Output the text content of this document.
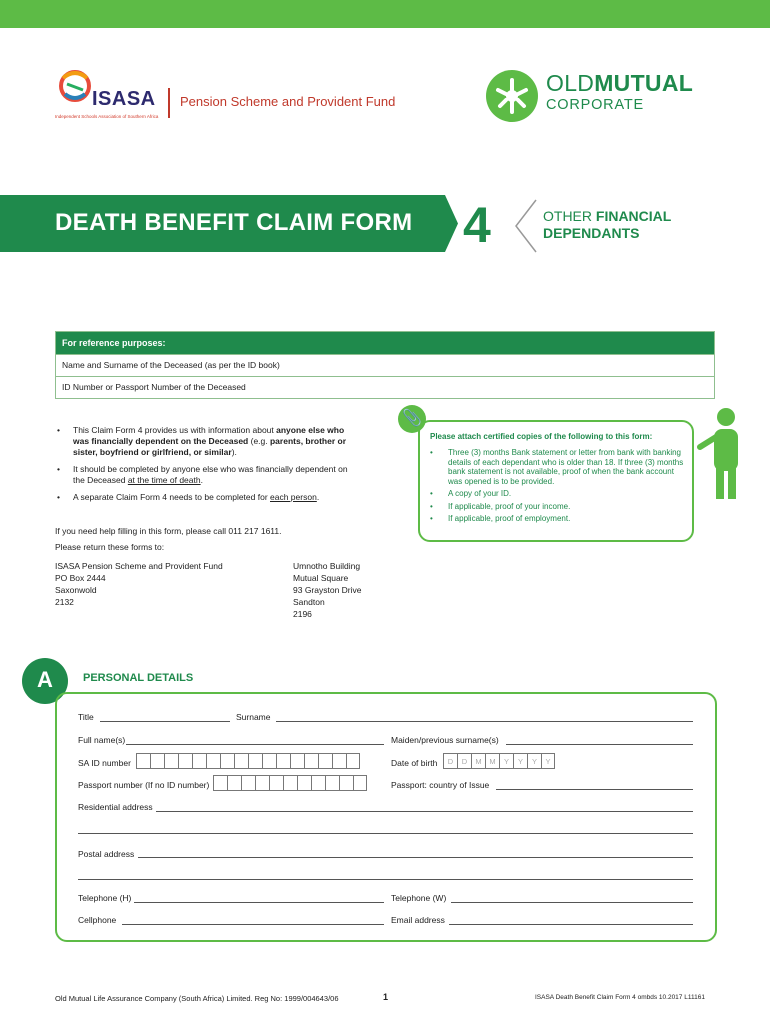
ISASA
Independent Schools Association of Southern Africa
Pension Scheme and Provident Fund
OLDMUTUAL
CORPORATE
DEATH BENEFIT CLAIM FORM 4	OTHER FINANCIAL
DEPENDANTS
For reference purposes:
Name and Surname of the Deceased (as per the ID book)
ID Number or Passport Number of the Deceased
• This Claim Form 4 provides us with information about anyone else who was financially dependent on the Deceased (e.g. parents, brother or sister, boyfriend or girlfriend, or similar).
• It should be completed by anyone else who was financially dependent on the Deceased at the time of death.
• A separate Claim Form 4 needs to be completed for each person.
If you need help filling in this form, please call 011 217 1611.
Please return these forms to:
ISASA Pension Scheme and Provident Fund
PO Box 2444
Saxonwold
2132
Umnotho Building
Mutual Square
93 Grayston Drive
Sandton
2196
📎
Please attach certified copies of the following to this form:
• Three (3) months Bank statement or letter from bank with banking details of each dependant who is older than 18. If three (3) months bank statement is not available, proof of when the bank account was opened is to be provided.
• A copy of your ID.
• If applicable, proof of your income.
• If applicable, proof of employment.
A	PERSONAL DETAILS
Title	Surname
Full name(s)	Maiden/previous surname(s)
SA ID number	Date of birth	D	D	M	M	Y	Y	Y	Y
Passport number (If no ID number)	Passport: country of Issue
Residential address
Postal address
Telephone (H)	Telephone (W)
Cellphone	Email address
Old Mutual Life Assurance Company (South Africa) Limited. Reg No: 1999/004643/06	1	ISASA Death Benefit Claim Form 4 ombds 10.2017 L11161
